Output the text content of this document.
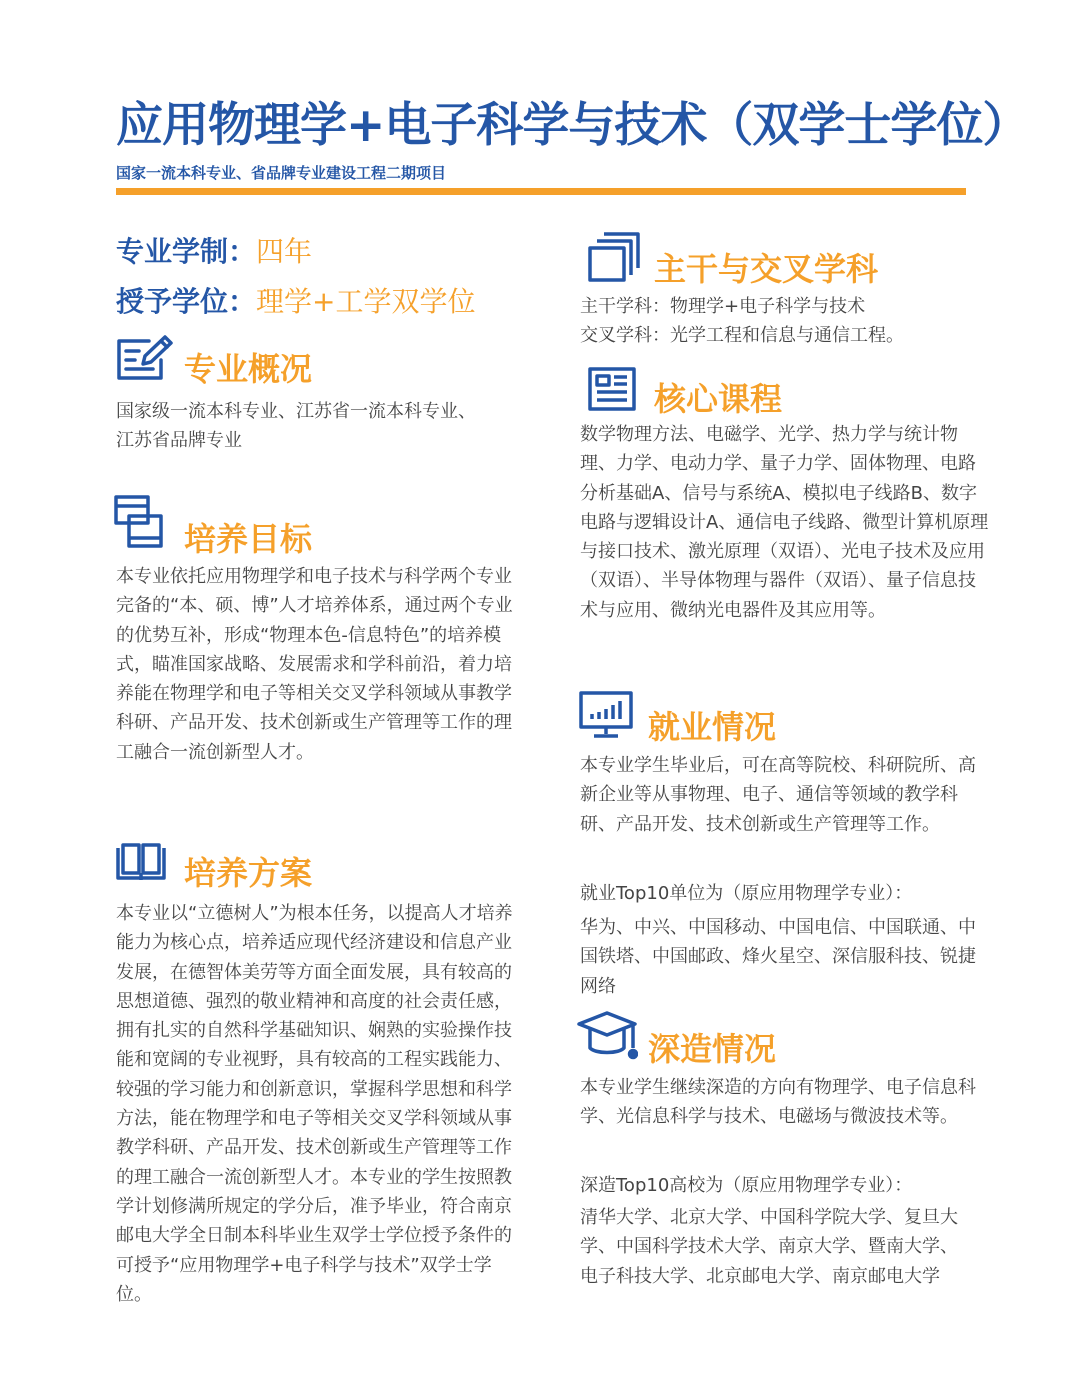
应用物理学+电子科学与技术（双学士学位）
国家一流本科专业、省品牌专业建设工程二期项目
专业学制：四年
授予学位：理学+工学双学位
专业概况
国家级一流本科专业、江苏省一流本科专业、江苏省品牌专业
培养目标
本专业依托应用物理学和电子技术与科学两个专业完备的“本、硕、博”人才培养体系，通过两个专业的优势互补，形成“物理本色-信息特色”的培养模式，瞄准国家战略、发展需求和学科前沿，着力培养能在物理学和电子等相关交叉学科领域从事教学科研、产品开发、技术创新或生产管理等工作的理工融合一流创新型人才。
培养方案
本专业以“立德树人”为根本任务，以提高人才培养能力为核心点，培养适应现代经济建设和信息产业发展，在德智体美劳等方面全面发展，具有较高的思想道德、强烈的敬业精神和高度的社会责任感，拥有扎实的自然科学基础知识、娴熟的实验操作技能和宽阔的专业视野，具有较高的工程实践能力、较强的学习能力和创新意识，掌握科学思想和科学方法，能在物理学和电子等相关交叉学科领域从事教学科研、产品开发、技术创新或生产管理等工作的理工融合一流创新型人才。本专业的学生按照教学计划修满所规定的学分后，准予毕业，符合南京邮电大学全日制本科毕业生双学士学位授予条件的可授予“应用物理学+电子科学与技术”双学士学位。
主干与交叉学科
主干学科：物理学+电子科学与技术
交叉学科：光学工程和信息与通信工程。
核心课程
数学物理方法、电磁学、光学、热力学与统计物理、力学、电动力学、量子力学、固体物理、电路分析基础A、信号与系统A、模拟电子线路B、数字电路与逻辑设计A、通信电子线路、微型计算机原理与接口技术、激光原理（双语）、光电子技术及应用（双语）、半导体物理与器件（双语）、量子信息技术与应用、微纳光电器件及其应用等。
就业情况
本专业学生毕业后，可在高等院校、科研院所、高新企业等从事物理、电子、通信等领域的教学科研、产品开发、技术创新或生产管理等工作。
就业Top10单位为（原应用物理学专业）：
华为、中兴、中国移动、中国电信、中国联通、中国铁塔、中国邮政、烽火星空、深信服科技、锐捷网络
深造情况
本专业学生继续深造的方向有物理学、电子信息科学、光信息科学与技术、电磁场与微波技术等。
深造Top10高校为（原应用物理学专业）：
清华大学、北京大学、中国科学院大学、复旦大学、中国科学技术大学、南京大学、暨南大学、电子科技大学、北京邮电大学、南京邮电大学
